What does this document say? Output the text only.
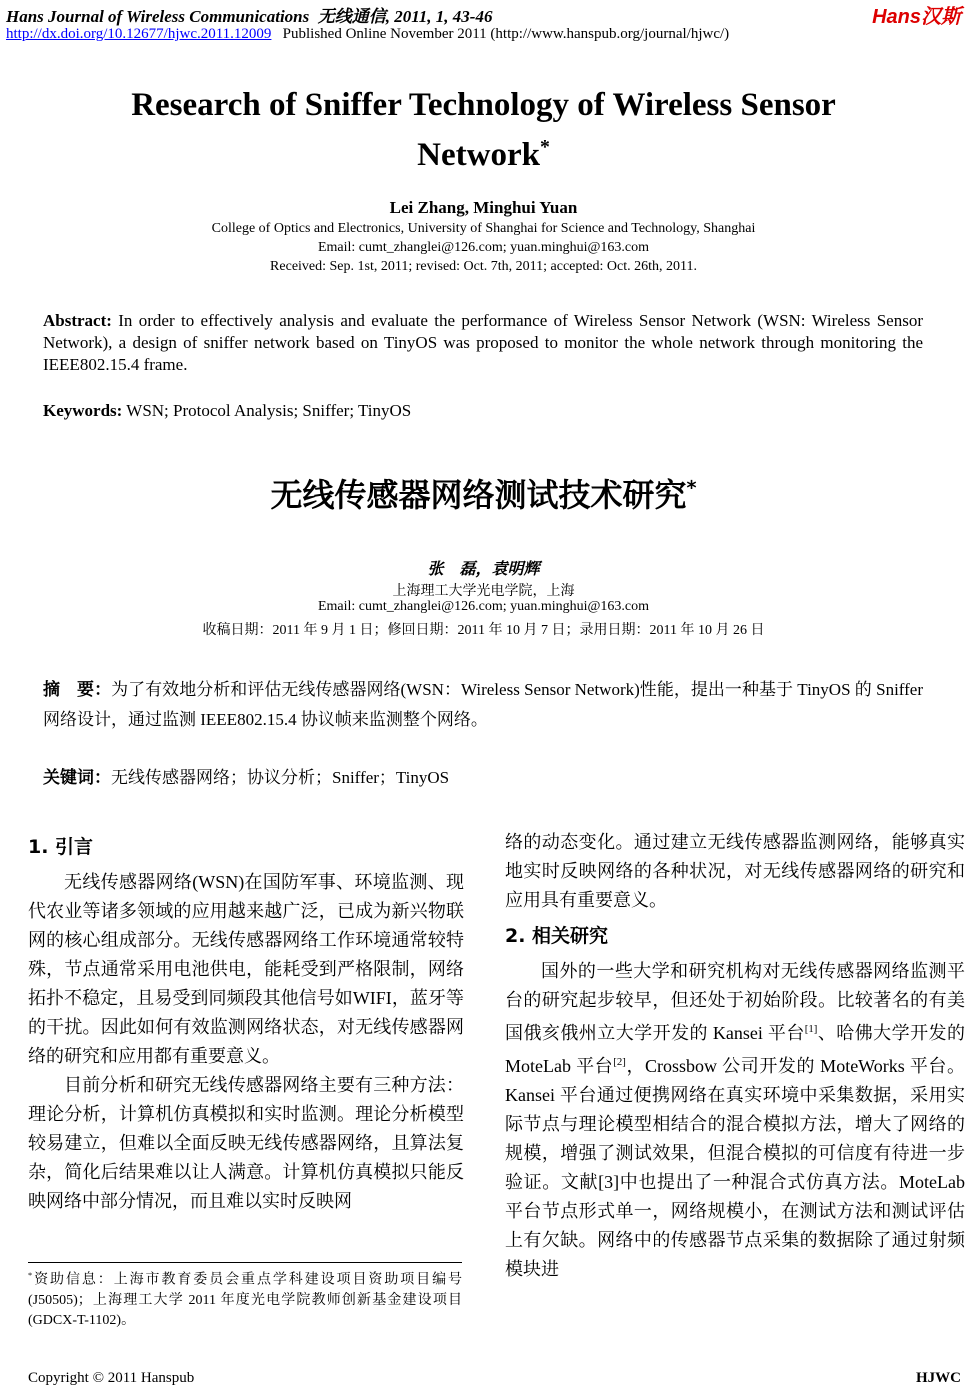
Hans Journal of Wireless Communications 无线通信, 2011, 1, 43-46	Hans汉斯
http://dx.doi.org/10.12677/hjwc.2011.12009 Published Online November 2011 (http://www.hanspub.org/journal/hjwc/)
Research of Sniffer Technology of Wireless Sensor Network*
Lei Zhang, Minghui Yuan
College of Optics and Electronics, University of Shanghai for Science and Technology, Shanghai
Email: cumt_zhanglei@126.com; yuan.minghui@163.com
Received: Sep. 1st, 2011; revised: Oct. 7th, 2011; accepted: Oct. 26th, 2011.
Abstract: In order to effectively analysis and evaluate the performance of Wireless Sensor Network (WSN: Wireless Sensor Network), a design of sniffer network based on TinyOS was proposed to monitor the whole network through monitoring the IEEE802.15.4 frame.
Keywords: WSN; Protocol Analysis; Sniffer; TinyOS
无线传感器网络测试技术研究*
张　磊，袁明辉
上海理工大学光电学院，上海
Email: cumt_zhanglei@126.com; yuan.minghui@163.com
收稿日期：2011 年 9 月 1 日；修回日期：2011 年 10 月 7 日；录用日期：2011 年 10 月 26 日
摘　要：为了有效地分析和评估无线传感器网络(WSN：Wireless Sensor Network)性能，提出一种基于 TinyOS 的 Sniffer 网络设计，通过监测 IEEE802.15.4 协议帧来监测整个网络。
关键词：无线传感器网络；协议分析；Sniffer；TinyOS
1. 引言

无线传感器网络(WSN)在国防军事、环境监测、现代农业等诸多领域的应用越来越广泛，已成为新兴物联网的核心组成部分。无线传感器网络工作环境通常较特殊，节点通常采用电池供电，能耗受到严格限制，网络拓扑不稳定，且易受到同频段其他信号如WIFI，蓝牙等的干扰。因此如何有效监测网络状态，对无线传感器网络的研究和应用都有重要意义。

目前分析和研究无线传感器网络主要有三种方法：理论分析，计算机仿真模拟和实时监测。理论分析模型较易建立，但难以全面反映无线传感器网络，且算法复杂，简化后结果难以让人满意。计算机仿真模拟只能反映网络中部分情况，而且难以实时反映网

络的动态变化。通过建立无线传感器监测网络，能够真实地实时反映网络的各种状况，对无线传感器网络的研究和应用具有重要意义。

2. 相关研究

国外的一些大学和研究机构对无线传感器网络监测平台的研究起步较早，但还处于初始阶段。比较著名的有美国俄亥俄州立大学开发的 Kansei 平台[1]、哈佛大学开发的 MoteLab 平台[2]，Crossbow 公司开发的 MoteWorks 平台。Kansei 平台通过便携网络在真实环境中采集数据，采用实际节点与理论模型相结合的混合模拟方法，增大了网络的规模，增强了测试效果，但混合模拟的可信度有待进一步验证。文献[3]中也提出了一种混合式仿真方法。MoteLab 平台节点形式单一，网络规模小，在测试方法和测试评估上有欠缺。网络中的传感器节点采集的数据除了通过射频模块进

*资助信息：上海市教育委员会重点学科建设项目资助项目编号(J50505)；上海理工大学 2011 年度光电学院教师创新基金建设项目(GDCX-T-1102)。
Copyright © 2011 Hanspub	HJWC
